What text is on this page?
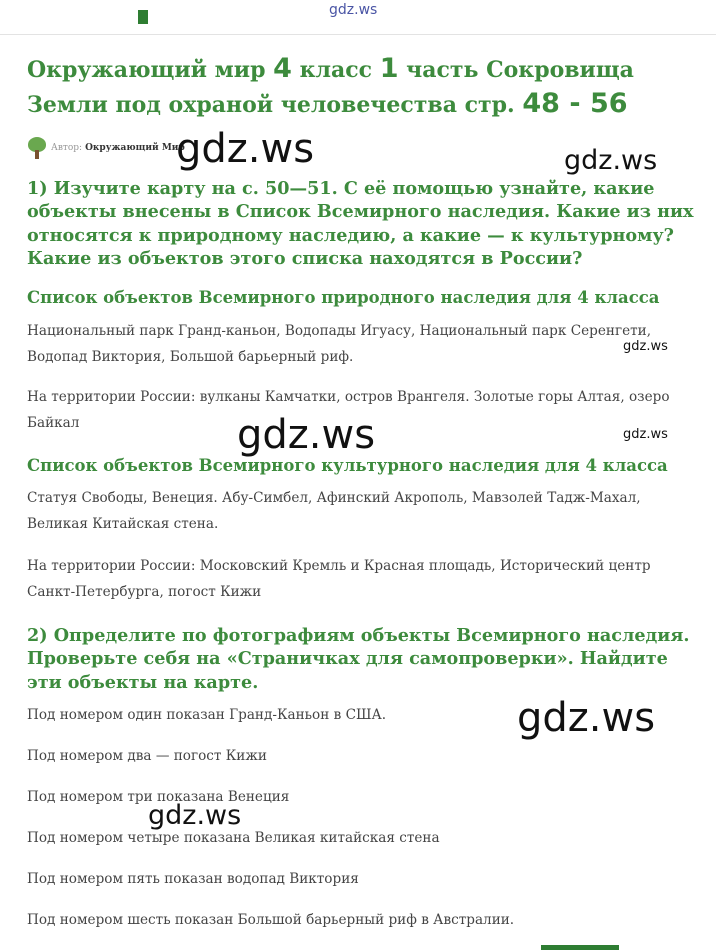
gdz.ws
Окружающий мир 4 класс 1 часть Сокровища Земли под охраной человечества стр. 48 - 56
Автор: Окружающий Мир

1) Изучите карту на с. 50—51. С её помощью узнайте, какие объекты внесены в Список Всемирного наследия. Какие из них относятся к природному наследию, а какие — к культурному? Какие из объектов этого списка находятся в России?

Список объектов Всемирного природного наследия для 4 класса

Национальный парк Гранд-каньон, Водопады Игуасу, Национальный парк Серенгети, Водопад Виктория, Большой барьерный риф.

На территории России: вулканы Камчатки, остров Врангеля. Золотые горы Алтая, озеро Байкал

Список объектов Всемирного культурного наследия для 4 класса

Статуя Свободы, Венеция. Абу-Симбел, Афинский Акрополь, Мавзолей Тадж-Махал, Великая Китайская стена.

На территории России: Московский Кремль и Красная площадь, Исторический центр Санкт-Петербурга, погост Кижи

2) Определите по фотографиям объекты Всемирного наследия. Проверьте себя на «Страничках для самопроверки». Найдите эти объекты на карте.

Под номером один показан Гранд-Каньон в США.

Под номером два — погост Кижи

Под номером три показана Венеция

Под номером четыре показана Великая китайская стена

Под номером пять показан водопад Виктория

Под номером шесть показан Большой барьерный риф в Австралии.

gdz.ws	gdz.ws
gdz.ws
gdz.ws	gdz.ws
gdz.ws
gdz.ws
